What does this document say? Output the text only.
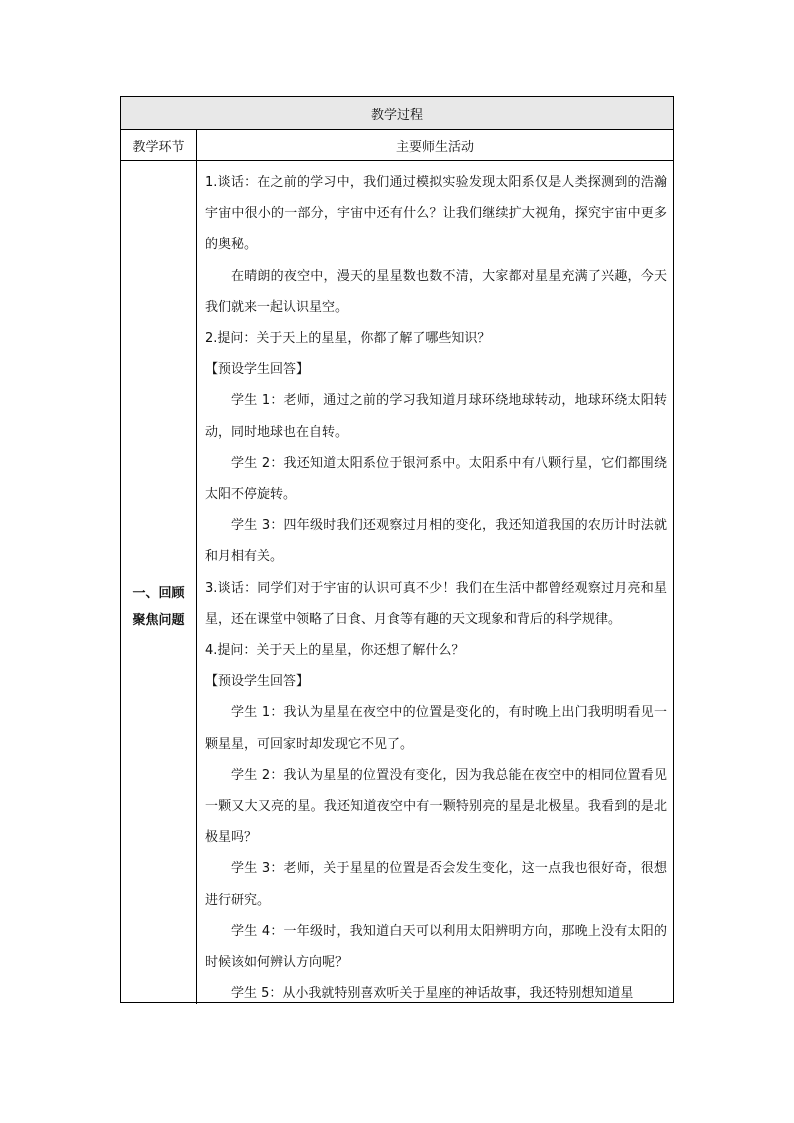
教学过程
教学环节	主要师生活动
一、回顾聚焦问题

1.谈话：在之前的学习中，我们通过模拟实验发现太阳系仅是人类探测到的浩瀚宇宙中很小的一部分，宇宙中还有什么？让我们继续扩大视角，探究宇宙中更多的奥秘。

在晴朗的夜空中，漫天的星星数也数不清，大家都对星星充满了兴趣，今天我们就来一起认识星空。

2.提问：关于天上的星星，你都了解了哪些知识？

【预设学生回答】

学生 1：老师，通过之前的学习我知道月球环绕地球转动，地球环绕太阳转动，同时地球也在自转。

学生 2：我还知道太阳系位于银河系中。太阳系中有八颗行星，它们都围绕太阳不停旋转。

学生 3：四年级时我们还观察过月相的变化，我还知道我国的农历计时法就和月相有关。

3.谈话：同学们对于宇宙的认识可真不少！我们在生活中都曾经观察过月亮和星星，还在课堂中领略了日食、月食等有趣的天文现象和背后的科学规律。

4.提问：关于天上的星星，你还想了解什么？

【预设学生回答】

学生 1：我认为星星在夜空中的位置是变化的，有时晚上出门我明明看见一颗星星，可回家时却发现它不见了。

学生 2：我认为星星的位置没有变化，因为我总能在夜空中的相同位置看见一颗又大又亮的星。我还知道夜空中有一颗特别亮的星是北极星。我看到的是北极星吗？

学生 3：老师，关于星星的位置是否会发生变化，这一点我也很好奇，很想进行研究。

学生 4：一年级时，我知道白天可以利用太阳辨明方向，那晚上没有太阳的时候该如何辨认方向呢？

学生 5：从小我就特别喜欢听关于星座的神话故事，我还特别想知道星
